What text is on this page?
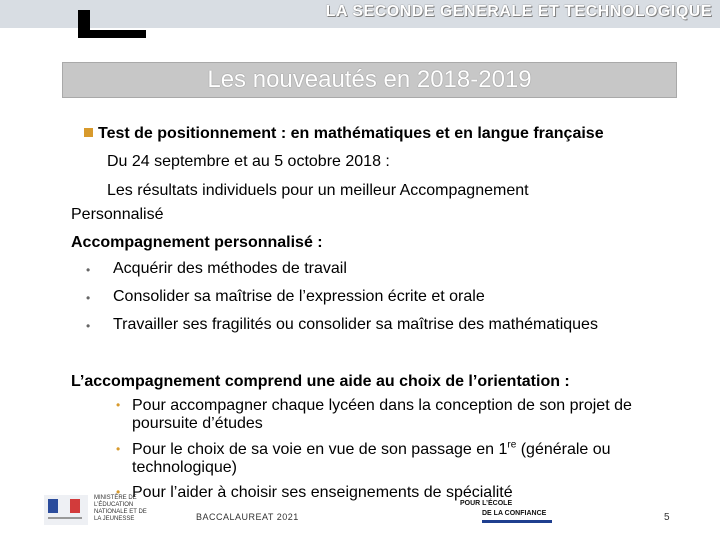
LA SECONDE GENERALE ET TECHNOLOGIQUE
Les nouveautés en 2018-2019
Test de positionnement : en mathématiques et en langue française
Du 24 septembre et au 5 octobre 2018 :
Les résultats individuels pour un meilleur Accompagnement
Personnalisé
Accompagnement personnalisé :
• Acquérir des méthodes de travail
• Consolider sa maîtrise de l’expression écrite et orale
• Travailler ses fragilités ou consolider sa maîtrise des mathématiques
L’accompagnement comprend une aide au choix de l’orientation :
• Pour accompagner chaque lycéen dans la conception de son projet de
poursuite d’études
• Pour le choix de sa voie en vue de son passage en 1re (générale ou
technologique)
• Pour l’aider à choisir ses enseignements de spécialité
MINISTÈRE DE L’ÉDUCATION NATIONALE ET DE LA JEUNESSE	BACCALAUREAT 2021
POUR L’ÉCOLE
DE LA CONFIANCE	5
